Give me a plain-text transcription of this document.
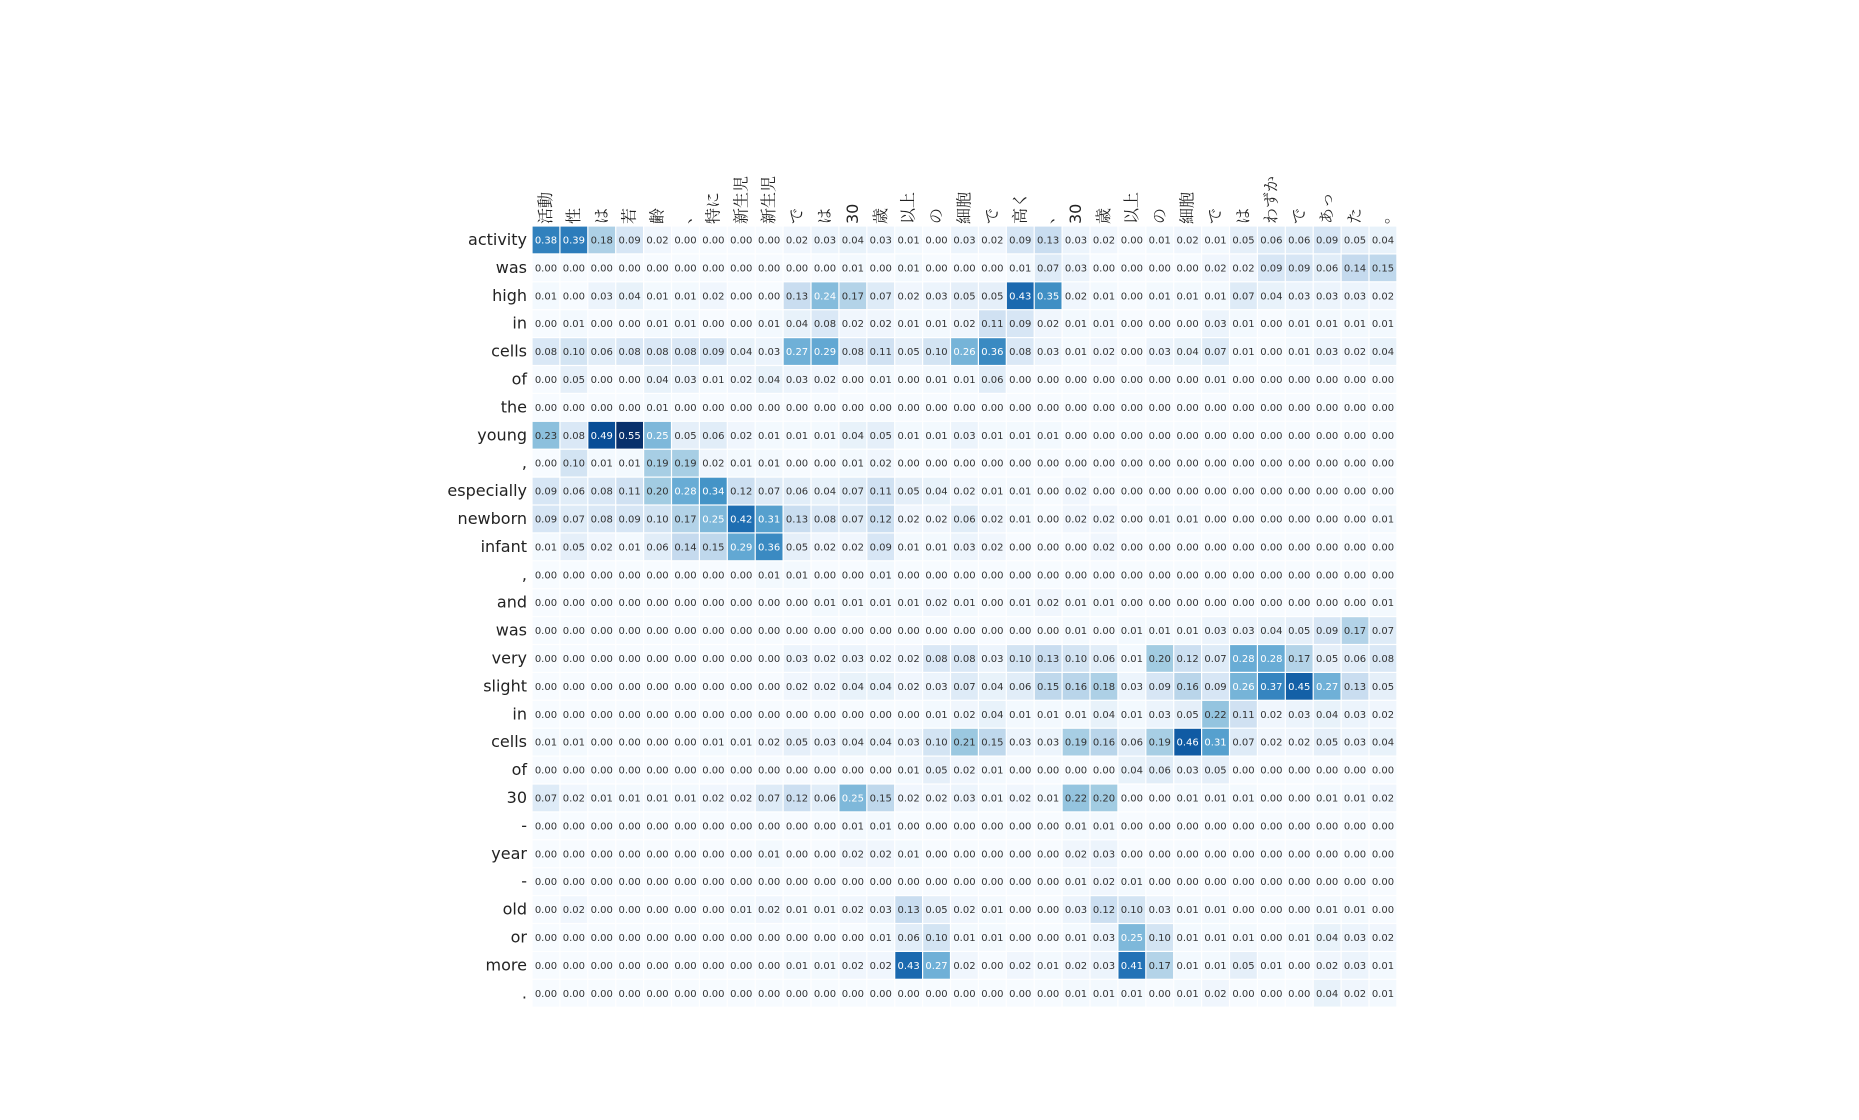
活動 性 は 若 齢 、 特に 新生児 新生児 で は 30 歳 以上 の 細胞 で 高く 、 30 歳 以上 の 細胞 で は わずか で あっ た 。
activity
was
high
in
cells
of
the
young
,
especially
newborn
infant
,
and
was
very
slight
in
cells
of
30
-
year
-
old
or
more
.
0.38 0.39 0.18 0.09 0.02 0.00 0.00 0.00 0.00 0.02 0.03 0.04 0.03 0.01 0.00 0.03 0.02 0.09 0.13 0.03 0.02 0.00 0.01 0.02 0.01 0.05 0.06 0.06 0.09 0.05 0.04
0.00 0.00 0.00 0.00 0.00 0.00 0.00 0.00 0.00 0.00 0.00 0.01 0.00 0.01 0.00 0.00 0.00 0.01 0.07 0.03 0.00 0.00 0.00 0.00 0.02 0.02 0.09 0.09 0.06 0.14 0.15
0.01 0.00 0.03 0.04 0.01 0.01 0.02 0.00 0.00 0.13 0.24 0.17 0.07 0.02 0.03 0.05 0.05 0.43 0.35 0.02 0.01 0.00 0.01 0.01 0.01 0.07 0.04 0.03 0.03 0.03 0.02
0.00 0.01 0.00 0.00 0.01 0.01 0.00 0.00 0.01 0.04 0.08 0.02 0.02 0.01 0.01 0.02 0.11 0.09 0.02 0.01 0.01 0.00 0.00 0.00 0.03 0.01 0.00 0.01 0.01 0.01 0.01
0.08 0.10 0.06 0.08 0.08 0.08 0.09 0.04 0.03 0.27 0.29 0.08 0.11 0.05 0.10 0.26 0.36 0.08 0.03 0.01 0.02 0.00 0.03 0.04 0.07 0.01 0.00 0.01 0.03 0.02 0.04
0.00 0.05 0.00 0.00 0.04 0.03 0.01 0.02 0.04 0.03 0.02 0.00 0.01 0.00 0.01 0.01 0.06 0.00 0.00 0.00 0.00 0.00 0.00 0.00 0.01 0.00 0.00 0.00 0.00 0.00 0.00
0.00 0.00 0.00 0.00 0.01 0.00 0.00 0.00 0.00 0.00 0.00 0.00 0.00 0.00 0.00 0.00 0.00 0.00 0.00 0.00 0.00 0.00 0.00 0.00 0.00 0.00 0.00 0.00 0.00 0.00 0.00
0.23 0.08 0.49 0.55 0.25 0.05 0.06 0.02 0.01 0.01 0.01 0.04 0.05 0.01 0.01 0.03 0.01 0.01 0.01 0.00 0.00 0.00 0.00 0.00 0.00 0.00 0.00 0.00 0.00 0.00 0.00
0.00 0.10 0.01 0.01 0.19 0.19 0.02 0.01 0.01 0.00 0.00 0.01 0.02 0.00 0.00 0.00 0.00 0.00 0.00 0.00 0.00 0.00 0.00 0.00 0.00 0.00 0.00 0.00 0.00 0.00 0.00
0.09 0.06 0.08 0.11 0.20 0.28 0.34 0.12 0.07 0.06 0.04 0.07 0.11 0.05 0.04 0.02 0.01 0.01 0.00 0.02 0.00 0.00 0.00 0.00 0.00 0.00 0.00 0.00 0.00 0.00 0.00
0.09 0.07 0.08 0.09 0.10 0.17 0.25 0.42 0.31 0.13 0.08 0.07 0.12 0.02 0.02 0.06 0.02 0.01 0.00 0.02 0.02 0.00 0.01 0.01 0.00 0.00 0.00 0.00 0.00 0.00 0.01
0.01 0.05 0.02 0.01 0.06 0.14 0.15 0.29 0.36 0.05 0.02 0.02 0.09 0.01 0.01 0.03 0.02 0.00 0.00 0.00 0.02 0.00 0.00 0.00 0.00 0.00 0.00 0.00 0.00 0.00 0.00
0.00 0.00 0.00 0.00 0.00 0.00 0.00 0.00 0.01 0.01 0.00 0.00 0.01 0.00 0.00 0.00 0.00 0.00 0.00 0.00 0.00 0.00 0.00 0.00 0.00 0.00 0.00 0.00 0.00 0.00 0.00
0.00 0.00 0.00 0.00 0.00 0.00 0.00 0.00 0.00 0.00 0.01 0.01 0.01 0.01 0.02 0.01 0.00 0.01 0.02 0.01 0.01 0.00 0.00 0.00 0.00 0.00 0.00 0.00 0.00 0.00 0.01
0.00 0.00 0.00 0.00 0.00 0.00 0.00 0.00 0.00 0.00 0.00 0.00 0.00 0.00 0.00 0.00 0.00 0.00 0.00 0.01 0.00 0.01 0.01 0.01 0.03 0.03 0.04 0.05 0.09 0.17 0.07
0.00 0.00 0.00 0.00 0.00 0.00 0.00 0.00 0.00 0.03 0.02 0.03 0.02 0.02 0.08 0.08 0.03 0.10 0.13 0.10 0.06 0.01 0.20 0.12 0.07 0.28 0.28 0.17 0.05 0.06 0.08
0.00 0.00 0.00 0.00 0.00 0.00 0.00 0.00 0.00 0.02 0.02 0.04 0.04 0.02 0.03 0.07 0.04 0.06 0.15 0.16 0.18 0.03 0.09 0.16 0.09 0.26 0.37 0.45 0.27 0.13 0.05
0.00 0.00 0.00 0.00 0.00 0.00 0.00 0.00 0.00 0.00 0.00 0.00 0.00 0.00 0.01 0.02 0.04 0.01 0.01 0.01 0.04 0.01 0.03 0.05 0.22 0.11 0.02 0.03 0.04 0.03 0.02
0.01 0.01 0.00 0.00 0.00 0.00 0.01 0.01 0.02 0.05 0.03 0.04 0.04 0.03 0.10 0.21 0.15 0.03 0.03 0.19 0.16 0.06 0.19 0.46 0.31 0.07 0.02 0.02 0.05 0.03 0.04
0.00 0.00 0.00 0.00 0.00 0.00 0.00 0.00 0.00 0.00 0.00 0.00 0.00 0.01 0.05 0.02 0.01 0.00 0.00 0.00 0.00 0.04 0.06 0.03 0.05 0.00 0.00 0.00 0.00 0.00 0.00
0.07 0.02 0.01 0.01 0.01 0.01 0.02 0.02 0.07 0.12 0.06 0.25 0.15 0.02 0.02 0.03 0.01 0.02 0.01 0.22 0.20 0.00 0.00 0.01 0.01 0.01 0.00 0.00 0.01 0.01 0.02
0.00 0.00 0.00 0.00 0.00 0.00 0.00 0.00 0.00 0.00 0.00 0.01 0.01 0.00 0.00 0.00 0.00 0.00 0.00 0.01 0.01 0.00 0.00 0.00 0.00 0.00 0.00 0.00 0.00 0.00 0.00
0.00 0.00 0.00 0.00 0.00 0.00 0.00 0.00 0.01 0.00 0.00 0.02 0.02 0.01 0.00 0.00 0.00 0.00 0.00 0.02 0.03 0.00 0.00 0.00 0.00 0.00 0.00 0.00 0.00 0.00 0.00
0.00 0.00 0.00 0.00 0.00 0.00 0.00 0.00 0.00 0.00 0.00 0.00 0.00 0.00 0.00 0.00 0.00 0.00 0.00 0.01 0.02 0.01 0.00 0.00 0.00 0.00 0.00 0.00 0.00 0.00 0.00
0.00 0.02 0.00 0.00 0.00 0.00 0.00 0.01 0.02 0.01 0.01 0.02 0.03 0.13 0.05 0.02 0.01 0.00 0.00 0.03 0.12 0.10 0.03 0.01 0.01 0.00 0.00 0.00 0.01 0.01 0.00
0.00 0.00 0.00 0.00 0.00 0.00 0.00 0.00 0.00 0.00 0.00 0.00 0.01 0.06 0.10 0.01 0.01 0.00 0.00 0.01 0.03 0.25 0.10 0.01 0.01 0.01 0.00 0.01 0.04 0.03 0.02
0.00 0.00 0.00 0.00 0.00 0.00 0.00 0.00 0.00 0.01 0.01 0.02 0.02 0.43 0.27 0.02 0.00 0.02 0.01 0.02 0.03 0.41 0.17 0.01 0.01 0.05 0.01 0.00 0.02 0.03 0.01
0.00 0.00 0.00 0.00 0.00 0.00 0.00 0.00 0.00 0.00 0.00 0.00 0.00 0.00 0.00 0.00 0.00 0.00 0.00 0.01 0.01 0.01 0.00 0.01 0.02 0.00 0.00 0.00 0.04 0.02 0.01
